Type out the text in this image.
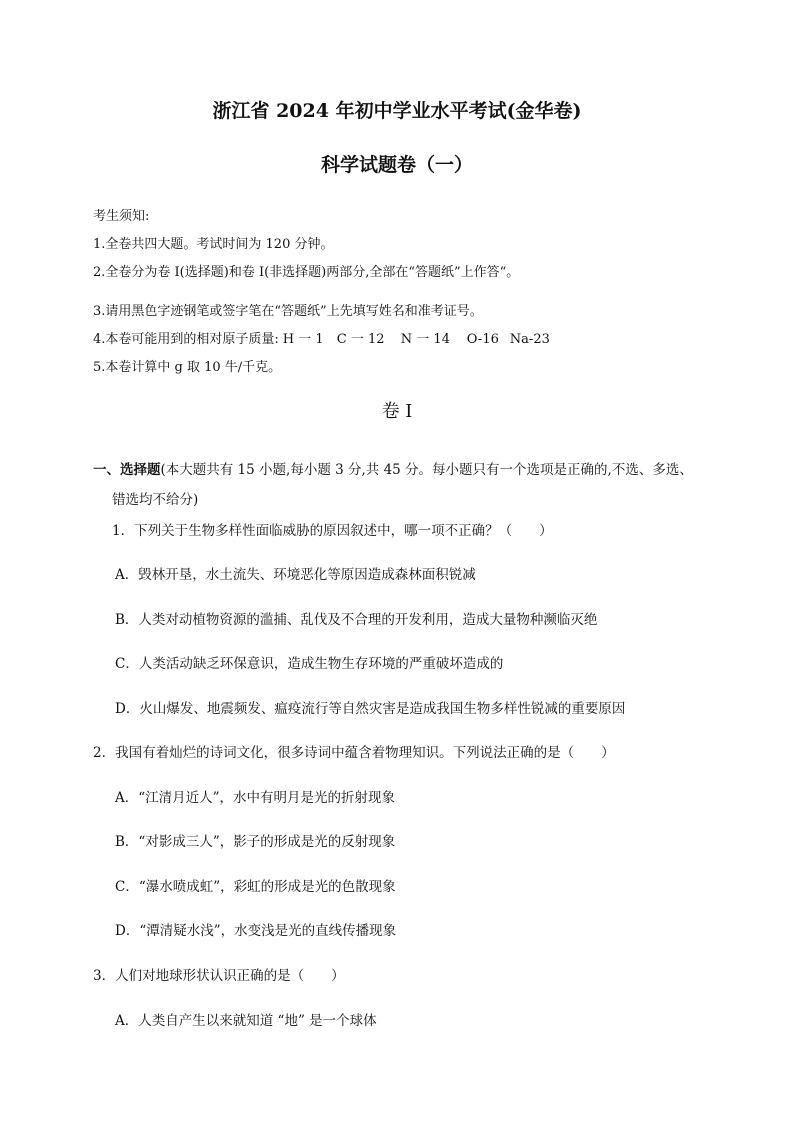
浙江省 2024 年初中学业水平考试(金华卷)
科学试题卷（一）
考生须知:
1.全卷共四大题。考试时间为 120 分钟。
2.全卷分为卷 I(选择题)和卷 I(非选择题)两部分,全部在“答题纸”上作答“。
3.请用黑色字迹钢笔或签字笔在“答题纸”上先填写姓名和准考证号。
4.本卷可能用到的相对原子质量: H 一 1 C 一 12 N 一 14 O-16 Na-23
5.本卷计算中 g 取 10 牛/千克。
卷 I
一、选择题(本大题共有 15 小题,每小题 3 分,共 45 分。每小题只有一个选项是正确的,不选、多选、
错选均不给分)
1．下列关于生物多样性面临威胁的原因叙述中，哪一项不正确？（　　）
A．毁林开垦，水土流失、环境恶化等原因造成森林面积锐减
B．人类对动植物资源的滥捕、乱伐及不合理的开发利用，造成大量物种濒临灭绝
C．人类活动缺乏环保意识，造成生物生存环境的严重破坏造成的
D．火山爆发、地震频发、瘟疫流行等自然灾害是造成我国生物多样性锐减的重要原因
2．我国有着灿烂的诗词文化，很多诗词中蕴含着物理知识。下列说法正确的是（　　）
A．“江清月近人”，水中有明月是光的折射现象
B．“对影成三人”，影子的形成是光的反射现象
C．“瀑水喷成虹”，彩虹的形成是光的色散现象
D．“潭清疑水浅”，水变浅是光的直线传播现象
3．人们对地球形状认识正确的是（　　）
A．人类自产生以来就知道 “地” 是一个球体
